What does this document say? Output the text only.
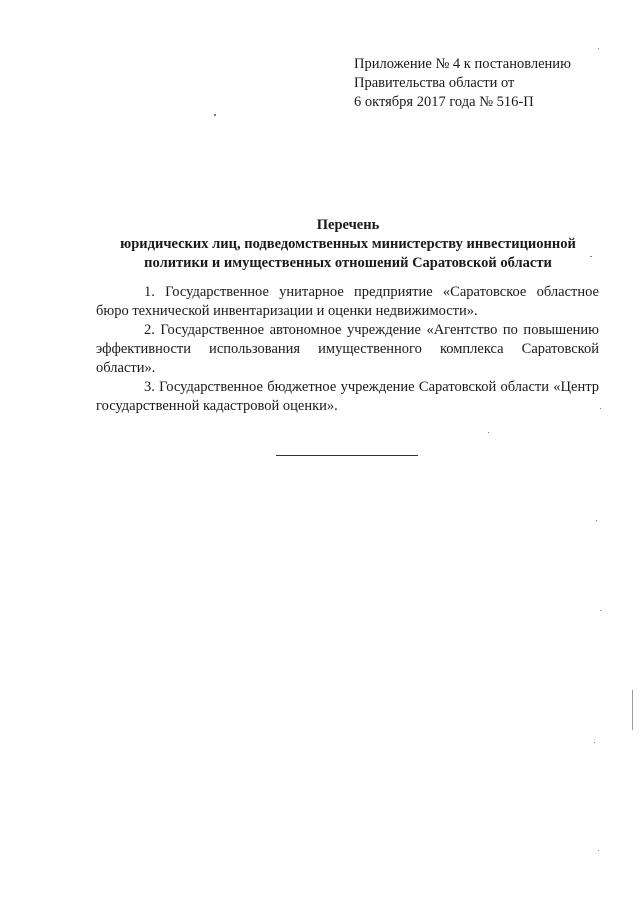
Приложение № 4 к постановлению
Правительства области от
6 октября 2017 года № 516-П
Перечень
юридических лиц, подведомственных министерству инвестиционной
политики и имущественных отношений Саратовской области

1. Государственное унитарное предприятие «Саратовское областное бюро технической инвентаризации и оценки недвижимости».

2. Государственное автономное учреждение «Агентство по повышению эффективности использования имущественного комплекса Саратовской области».

3. Государственное бюджетное учреждение Саратовской области «Центр государственной кадастровой оценки».
